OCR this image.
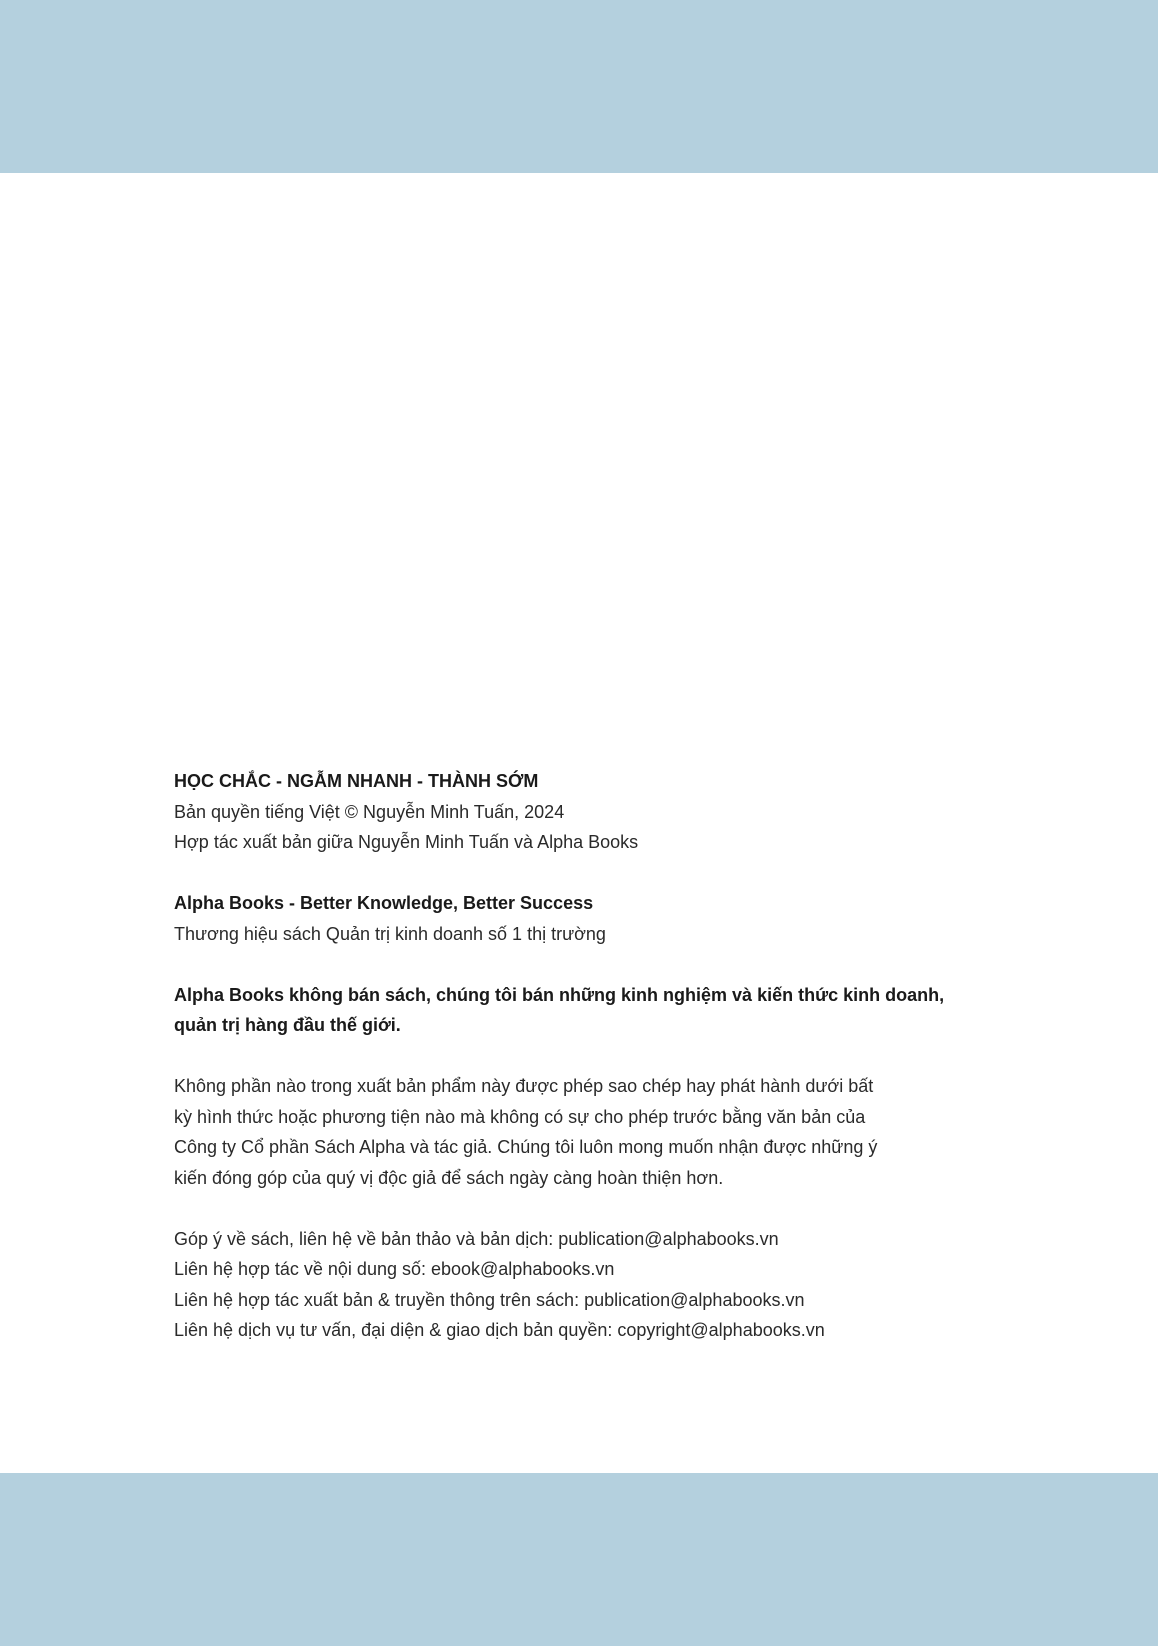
HỌC CHẮC - NGẪM NHANH - THÀNH SỚM
Bản quyền tiếng Việt © Nguyễn Minh Tuấn, 2024
Hợp tác xuất bản giữa Nguyễn Minh Tuấn và Alpha Books
Alpha Books - Better Knowledge, Better Success
Thương hiệu sách Quản trị kinh doanh số 1 thị trường
Alpha Books không bán sách, chúng tôi bán những kinh nghiệm và kiến thức kinh doanh,
quản trị hàng đầu thế giới.
Không phần nào trong xuất bản phẩm này được phép sao chép hay phát hành dưới bất
kỳ hình thức hoặc phương tiện nào mà không có sự cho phép trước bằng văn bản của
Công ty Cổ phần Sách Alpha và tác giả. Chúng tôi luôn mong muốn nhận được những ý
kiến đóng góp của quý vị độc giả để sách ngày càng hoàn thiện hơn.
Góp ý về sách, liên hệ về bản thảo và bản dịch: publication@alphabooks.vn
Liên hệ hợp tác về nội dung số: ebook@alphabooks.vn
Liên hệ hợp tác xuất bản & truyền thông trên sách: publication@alphabooks.vn
Liên hệ dịch vụ tư vấn, đại diện & giao dịch bản quyền: copyright@alphabooks.vn
